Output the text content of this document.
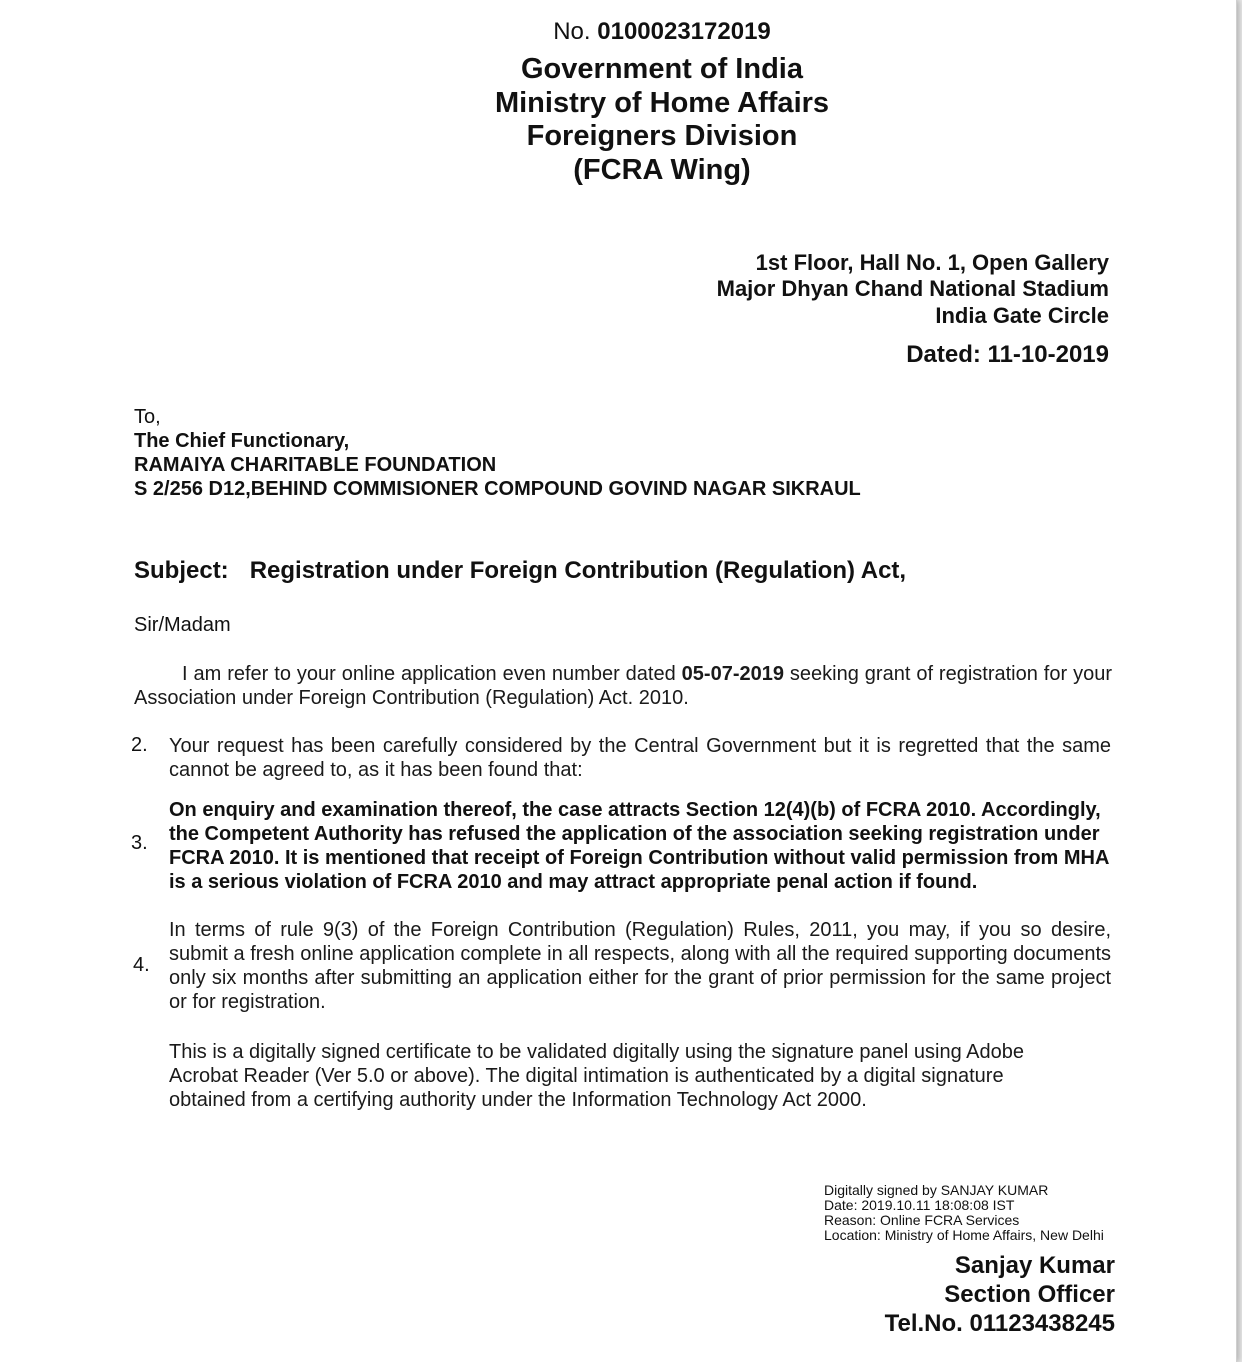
No. 0100023172019
Government of India
Ministry of Home Affairs
Foreigners Division
(FCRA Wing)
1st Floor, Hall No. 1, Open Gallery
Major Dhyan Chand National Stadium
India Gate Circle
Dated: 11-10-2019
To,
The Chief Functionary,
RAMAIYA CHARITABLE FOUNDATION
S 2/256 D12,BEHIND COMMISIONER COMPOUND GOVIND NAGAR SIKRAUL
Subject: Registration under Foreign Contribution (Regulation) Act,
Sir/Madam
I am refer to your online application even number dated 05-07-2019 seeking grant of registration for your Association under Foreign Contribution (Regulation) Act. 2010.
2. Your request has been carefully considered by the Central Government but it is regretted that the same cannot be agreed to, as it has been found that:
3.
On enquiry and examination thereof, the case attracts Section 12(4)(b) of FCRA 2010. Accordingly, the Competent Authority has refused the application of the association seeking registration under FCRA 2010. It is mentioned that receipt of Foreign Contribution without valid permission from MHA is a serious violation of FCRA 2010 and may attract appropriate penal action if found.
4.
In terms of rule 9(3) of the Foreign Contribution (Regulation) Rules, 2011, you may, if you so desire, submit a fresh online application complete in all respects, along with all the required supporting documents only six months after submitting an application either for the grant of prior permission for the same project or for registration.
This is a digitally signed certificate to be validated digitally using the signature panel using Adobe Acrobat Reader (Ver 5.0 or above). The digital intimation is authenticated by a digital signature obtained from a certifying authority under the Information Technology Act 2000.
Digitally signed by SANJAY KUMAR
Date: 2019.10.11 18:08:08 IST
Reason: Online FCRA Services
Location: Ministry of Home Affairs, New Delhi
Sanjay Kumar
Section Officer
Tel.No. 01123438245
